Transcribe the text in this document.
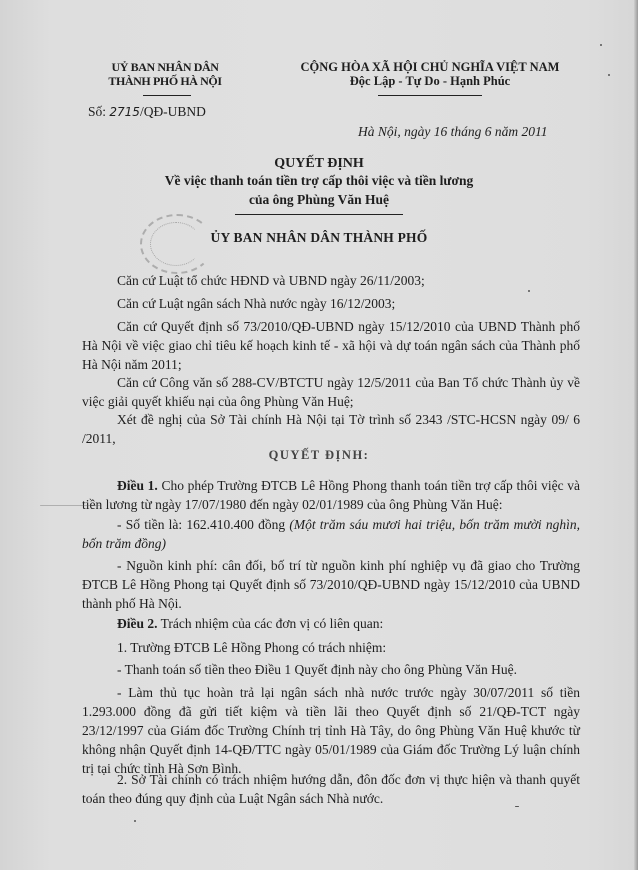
UỶ BAN NHÂN DÂN
THÀNH PHỐ HÀ NỘI
CỘNG HÒA XÃ HỘI CHỦ NGHĨA VIỆT NAM
Độc Lập - Tự Do - Hạnh Phúc
Số: 2715/QĐ-UBND
Hà Nội, ngày 16 tháng 6 năm 2011
QUYẾT ĐỊNH
Về việc thanh toán tiền trợ cấp thôi việc và tiền lương
của ông Phùng Văn Huệ
ỦY BAN NHÂN DÂN THÀNH PHỐ
Căn cứ Luật tổ chức HĐND và UBND ngày 26/11/2003;
Căn cứ Luật ngân sách Nhà nước ngày 16/12/2003;
Căn cứ Quyết định số 73/2010/QĐ-UBND ngày 15/12/2010 của UBND Thành phố Hà Nội về việc giao chỉ tiêu kế hoạch kinh tế - xã hội và dự toán ngân sách của Thành phố Hà Nội năm 2011;
Căn cứ Công văn số 288-CV/BTCTU ngày 12/5/2011 của Ban Tổ chức Thành ủy về việc giải quyết khiếu nại của ông Phùng Văn Huệ;
Xét đề nghị của Sở Tài chính Hà Nội tại Tờ trình số 2343 /STC-HCSN ngày 09/ 6 /2011,
QUYẾT ĐỊNH:
Điều 1. Cho phép Trường ĐTCB Lê Hồng Phong thanh toán tiền trợ cấp thôi việc và tiền lương từ ngày 17/07/1980 đến ngày 02/01/1989 của ông Phùng Văn Huệ:
- Số tiền là: 162.410.400 đồng (Một trăm sáu mươi hai triệu, bốn trăm mười nghìn, bốn trăm đồng)
- Nguồn kinh phí: cân đối, bố trí từ nguồn kinh phí nghiệp vụ đã giao cho Trường ĐTCB Lê Hồng Phong tại Quyết định số 73/2010/QĐ-UBND ngày 15/12/2010 của UBND thành phố Hà Nội.
Điều 2. Trách nhiệm của các đơn vị có liên quan:
1. Trường ĐTCB Lê Hồng Phong có trách nhiệm:
- Thanh toán số tiền theo Điều 1 Quyết định này cho ông Phùng Văn Huệ.
- Làm thủ tục hoàn trả lại ngân sách nhà nước trước ngày 30/07/2011 số tiền 1.293.000 đồng đã gửi tiết kiệm và tiền lãi theo Quyết định số 21/QĐ-TCT ngày 23/12/1997 của Giám đốc Trường Chính trị tỉnh Hà Tây, do ông Phùng Văn Huệ khước từ không nhận Quyết định 14-QĐ/TTC ngày 05/01/1989 của Giám đốc Trường Lý luận chính trị tại chức tỉnh Hà Sơn Bình.
2. Sở Tài chính có trách nhiệm hướng dẫn, đôn đốc đơn vị thực hiện và thanh quyết toán theo đúng quy định của Luật Ngân sách Nhà nước.
